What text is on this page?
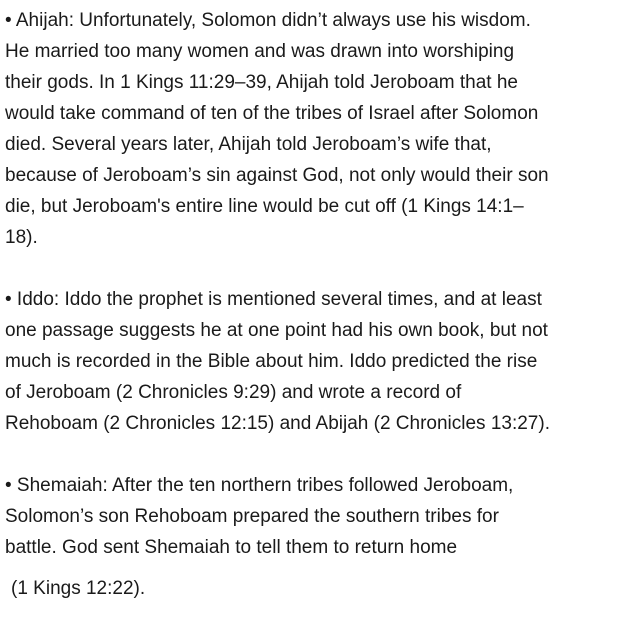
• Ahijah: Unfortunately, Solomon didn’t always use his wisdom.
He married too many women and was drawn into worshiping
their gods. In 1 Kings 11:29–39, Ahijah told Jeroboam that he
would take command of ten of the tribes of Israel after Solomon
died. Several years later, Ahijah told Jeroboam’s wife that,
because of Jeroboam’s sin against God, not only would their son
die, but Jeroboam's entire line would be cut off (1 Kings 14:1–
18).

• Iddo: Iddo the prophet is mentioned several times, and at least
one passage suggests he at one point had his own book, but not
much is recorded in the Bible about him. Iddo predicted the rise
of Jeroboam (2 Chronicles 9:29) and wrote a record of
Rehoboam (2 Chronicles 12:15) and Abijah (2 Chronicles 13:27).

• Shemaiah: After the ten northern tribes followed Jeroboam,
Solomon’s son Rehoboam prepared the southern tribes for
battle. God sent Shemaiah to tell them to return home

(1 Kings 12:22).
